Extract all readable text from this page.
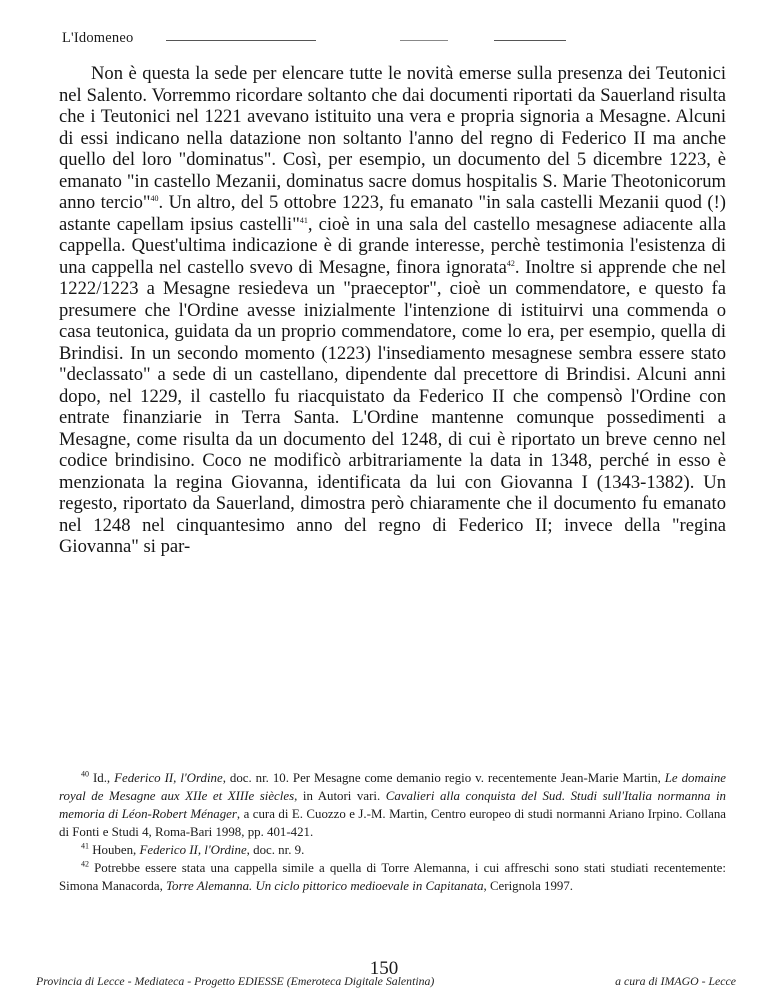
L'Idomeneo

Non è questa la sede per elencare tutte le novità emerse sulla presenza dei Teutonici nel Salento. Vorremmo ricordare soltanto che dai documenti riportati da Sauerland risulta che i Teutonici nel 1221 avevano istituito una vera e propria signoria a Mesagne. Alcuni di essi indicano nella datazione non soltanto l'anno del regno di Federico II ma anche quello del loro "dominatus". Così, per esempio, un documento del 5 dicembre 1223, è emanato "in castello Mezanii, dominatus sacre domus hospitalis S. Marie Theotonicorum anno tercio"$^{40}$. Un altro, del 5 ottobre 1223, fu emanato "in sala castelli Mezanii quod (!) astante capellam ipsius castelli"$^{41}$, cioè in una sala del castello mesagnese adiacente alla cappella. Quest'ultima indicazione è di grande interesse, perchè testimonia l'esistenza di una cappella nel castello svevo di Mesagne, finora ignorata$^{42}$. Inoltre si apprende che nel 1222/1223 a Mesagne resiedeva un "praeceptor", cioè un commendatore, e questo fa presumere che l'Ordine avesse inizialmente l'intenzione di istituirvi una commenda o casa teutonica, guidata da un proprio commendatore, come lo era, per esempio, quella di Brindisi. In un secondo momento (1223) l'insediamento mesagnese sembra essere stato "declassato" a sede di un castellano, dipendente dal precettore di Brindisi. Alcuni anni dopo, nel 1229, il castello fu riacquistato da Federico II che compensò l'Ordine con entrate finanziarie in Terra Santa. L'Ordine mantenne comunque possedimenti a Mesagne, come risulta da un documento del 1248, di cui è riportato un breve cenno nel codice brindisino. Coco ne modificò arbitrariamente la data in 1348, perché in esso è menzionata la regina Giovanna, identificata da lui con Giovanna I (1343-1382). Un regesto, riportato da Sauerland, dimostra però chiaramente che il documento fu emanato nel 1248 nel cinquantesimo anno del regno di Federico II; invece della "regina Giovanna" si par-

$^{40}$ Id., Federico II, l'Ordine, doc. nr. 10. Per Mesagne come demanio regio v. recentemente Jean-Marie Martin, Le domaine royal de Mesagne aux XIIe et XIIIe siècles, in Autori vari. Cavalieri alla conquista del Sud. Studi sull'Italia normanna in memoria di Léon-Robert Ménager, a cura di E. Cuozzo e J.-M. Martin, Centro europeo di studi normanni Ariano Irpino. Collana di Fonti e Studi 4, Roma-Bari 1998, pp. 401-421.

$^{41}$ Houben, Federico II, l'Ordine, doc. nr. 9.

$^{42}$ Potrebbe essere stata una cappella simile a quella di Torre Alemanna, i cui affreschi sono stati studiati recentemente: Simona Manacorda, Torre Alemanna. Un ciclo pittorico medioevale in Capitanata, Cerignola 1997.

150
Provincia di Lecce - Mediateca - Progetto EDIESSE (Emeroteca Digitale Salentina)	a cura di IMAGO - Lecce
